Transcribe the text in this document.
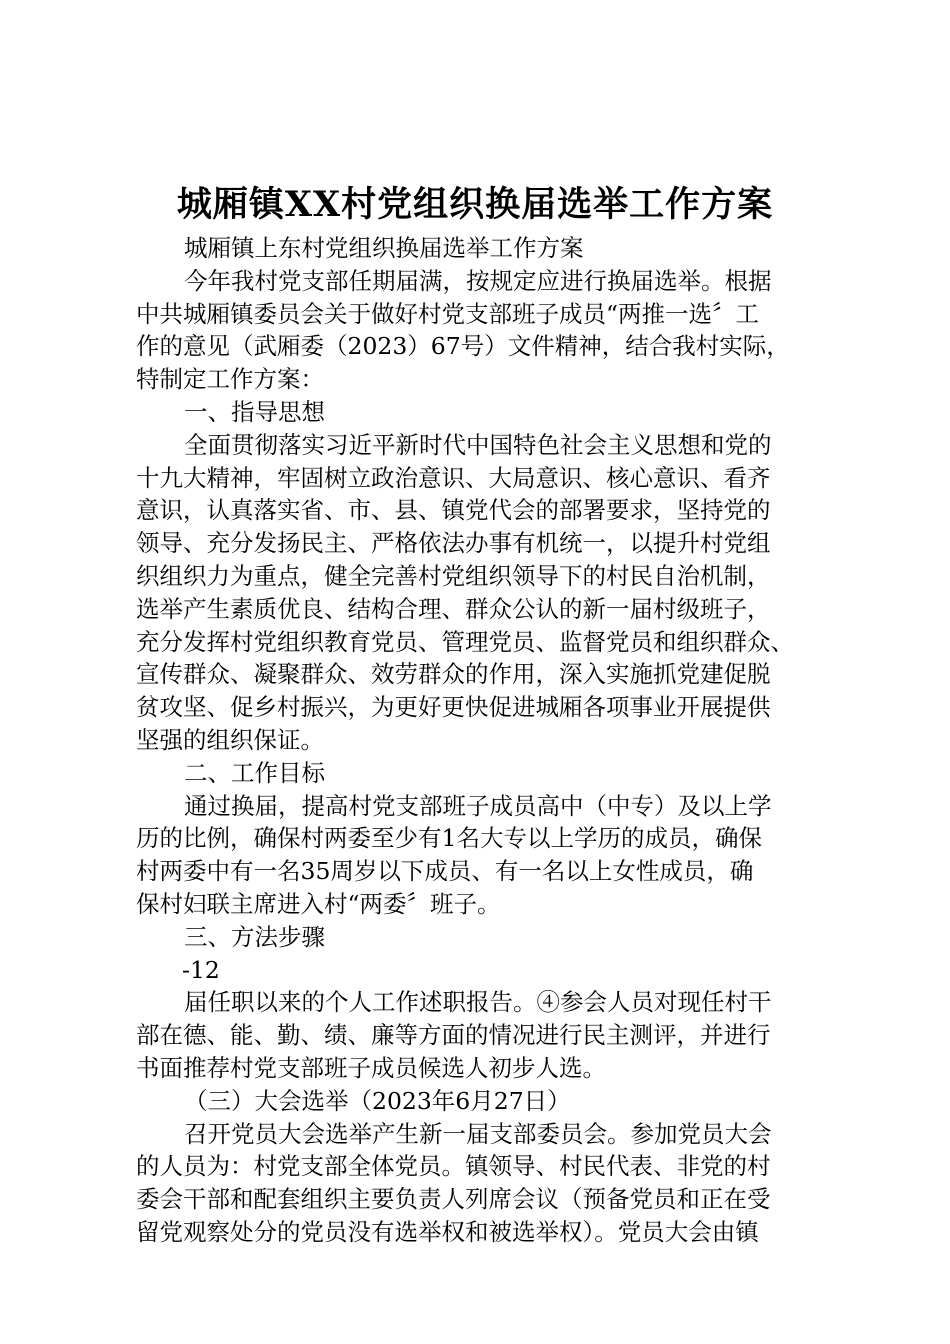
城厢镇XX村党组织换届选举工作方案
城厢镇上东村党组织换届选举工作方案
今年我村党支部任期届满，按规定应进行换届选举。根据
中共城厢镇委员会关于做好村党支部班子成员“两推一选〞工
作的意见（武厢委（2023）67号）文件精神，结合我村实际，
特制定工作方案：
一、指导思想
全面贯彻落实习近平新时代中国特色社会主义思想和党的
十九大精神，牢固树立政治意识、大局意识、核心意识、看齐
意识，认真落实省、市、县、镇党代会的部署要求，坚持党的
领导、充分发扬民主、严格依法办事有机统一，以提升村党组
织组织力为重点，健全完善村党组织领导下的村民自治机制，
选举产生素质优良、结构合理、群众公认的新一届村级班子，
充分发挥村党组织教育党员、管理党员、监督党员和组织群众、
宣传群众、凝聚群众、效劳群众的作用，深入实施抓党建促脱
贫攻坚、促乡村振兴，为更好更快促进城厢各项事业开展提供
坚强的组织保证。
二、工作目标
通过换届，提高村党支部班子成员高中（中专）及以上学
历的比例，确保村两委至少有1名大专以上学历的成员，确保
村两委中有一名35周岁以下成员、有一名以上女性成员，确
保村妇联主席进入村“两委〞班子。
三、方法步骤
-12
届任职以来的个人工作述职报告。④参会人员对现任村干
部在德、能、勤、绩、廉等方面的情况进行民主测评，并进行
书面推荐村党支部班子成员候选人初步人选。
（三）大会选举（2023年6月27日）
召开党员大会选举产生新一届支部委员会。参加党员大会
的人员为：村党支部全体党员。镇领导、村民代表、非党的村
委会干部和配套组织主要负责人列席会议（预备党员和正在受
留党观察处分的党员没有选举权和被选举权）。党员大会由镇
